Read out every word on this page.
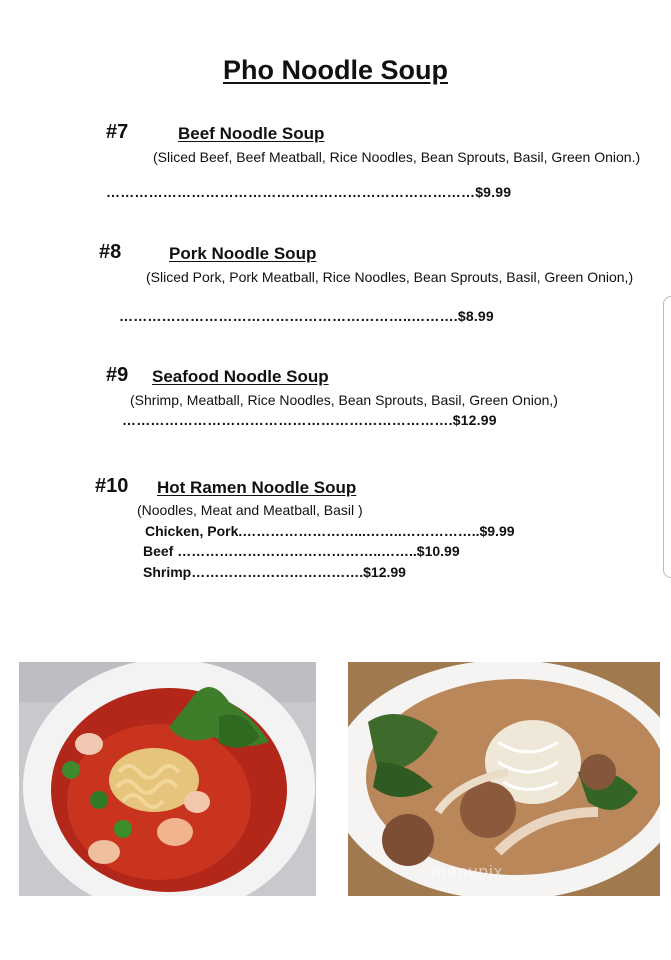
Pho Noodle Soup
#7	Beef Noodle Soup
(Sliced Beef, Beef Meatball, Rice Noodles, Bean Sprouts, Basil, Green Onion.)
……………………………………………………………………$9.99
#8	Pork Noodle Soup
(Sliced Pork, Pork Meatball, Rice Noodles, Bean Sprouts, Basil, Green Onion,)
……………………………………………………..……….$8.99
#9 Seafood Noodle Soup
(Shrimp, Meatball, Rice Noodles, Bean Sprouts, Basil, Green Onion,)
…………………………………………………………….$12.99
#10 Hot Ramen Noodle Soup
(Noodles, Meat and Meatball, Basil )
Chicken, Pork.……………………...……..……………..$9.99
Beef ……………………………………..……..$10.99
Shrimp……………………………….$12.99
menupix
